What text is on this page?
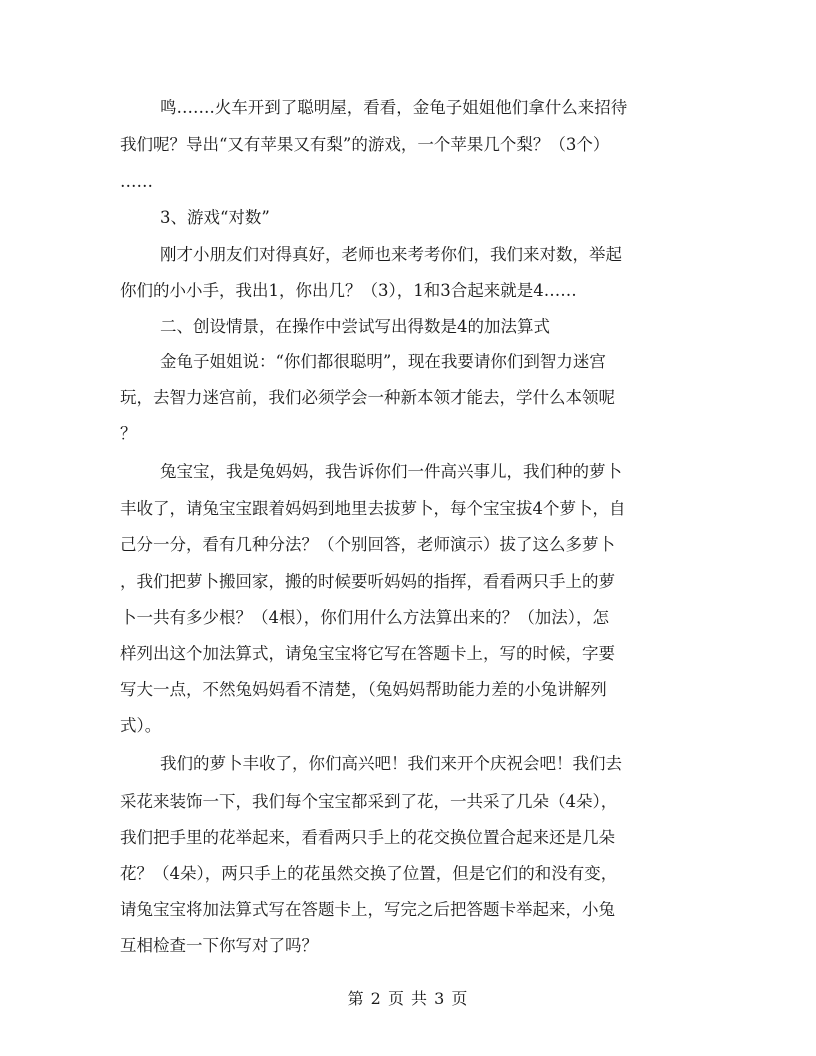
鸣…….火车开到了聪明屋，看看，金龟子姐姐他们拿什么来招待

我们呢？导出“又有苹果又有梨”的游戏，一个苹果几个梨？（3个）

……

3、游戏“对数”

刚才小朋友们对得真好，老师也来考考你们，我们来对数，举起

你们的小小手，我出1，你出几？（3），1和3合起来就是4……

二、创设情景，在操作中尝试写出得数是4的加法算式

金龟子姐姐说：“你们都很聪明”，现在我要请你们到智力迷宫

玩，去智力迷宫前，我们必须学会一种新本领才能去，学什么本领呢

？

兔宝宝，我是兔妈妈，我告诉你们一件高兴事儿，我们种的萝卜

丰收了，请兔宝宝跟着妈妈到地里去拔萝卜，每个宝宝拔4个萝卜，自

己分一分，看有几种分法？（个别回答，老师演示）拔了这么多萝卜

，我们把萝卜搬回家，搬的时候要听妈妈的指挥，看看两只手上的萝

卜一共有多少根？（4根），你们用什么方法算出来的？（加法），怎

样列出这个加法算式，请兔宝宝将它写在答题卡上，写的时候，字要

写大一点，不然兔妈妈看不清楚，（兔妈妈帮助能力差的小兔讲解列

式）。

我们的萝卜丰收了，你们高兴吧！我们来开个庆祝会吧！我们去

采花来装饰一下，我们每个宝宝都采到了花，一共采了几朵（4朵），

我们把手里的花举起来，看看两只手上的花交换位置合起来还是几朵

花？（4朵），两只手上的花虽然交换了位置，但是它们的和没有变，

请兔宝宝将加法算式写在答题卡上，写完之后把答题卡举起来，小兔

互相检查一下你写对了吗？

第 2 页 共 3 页
